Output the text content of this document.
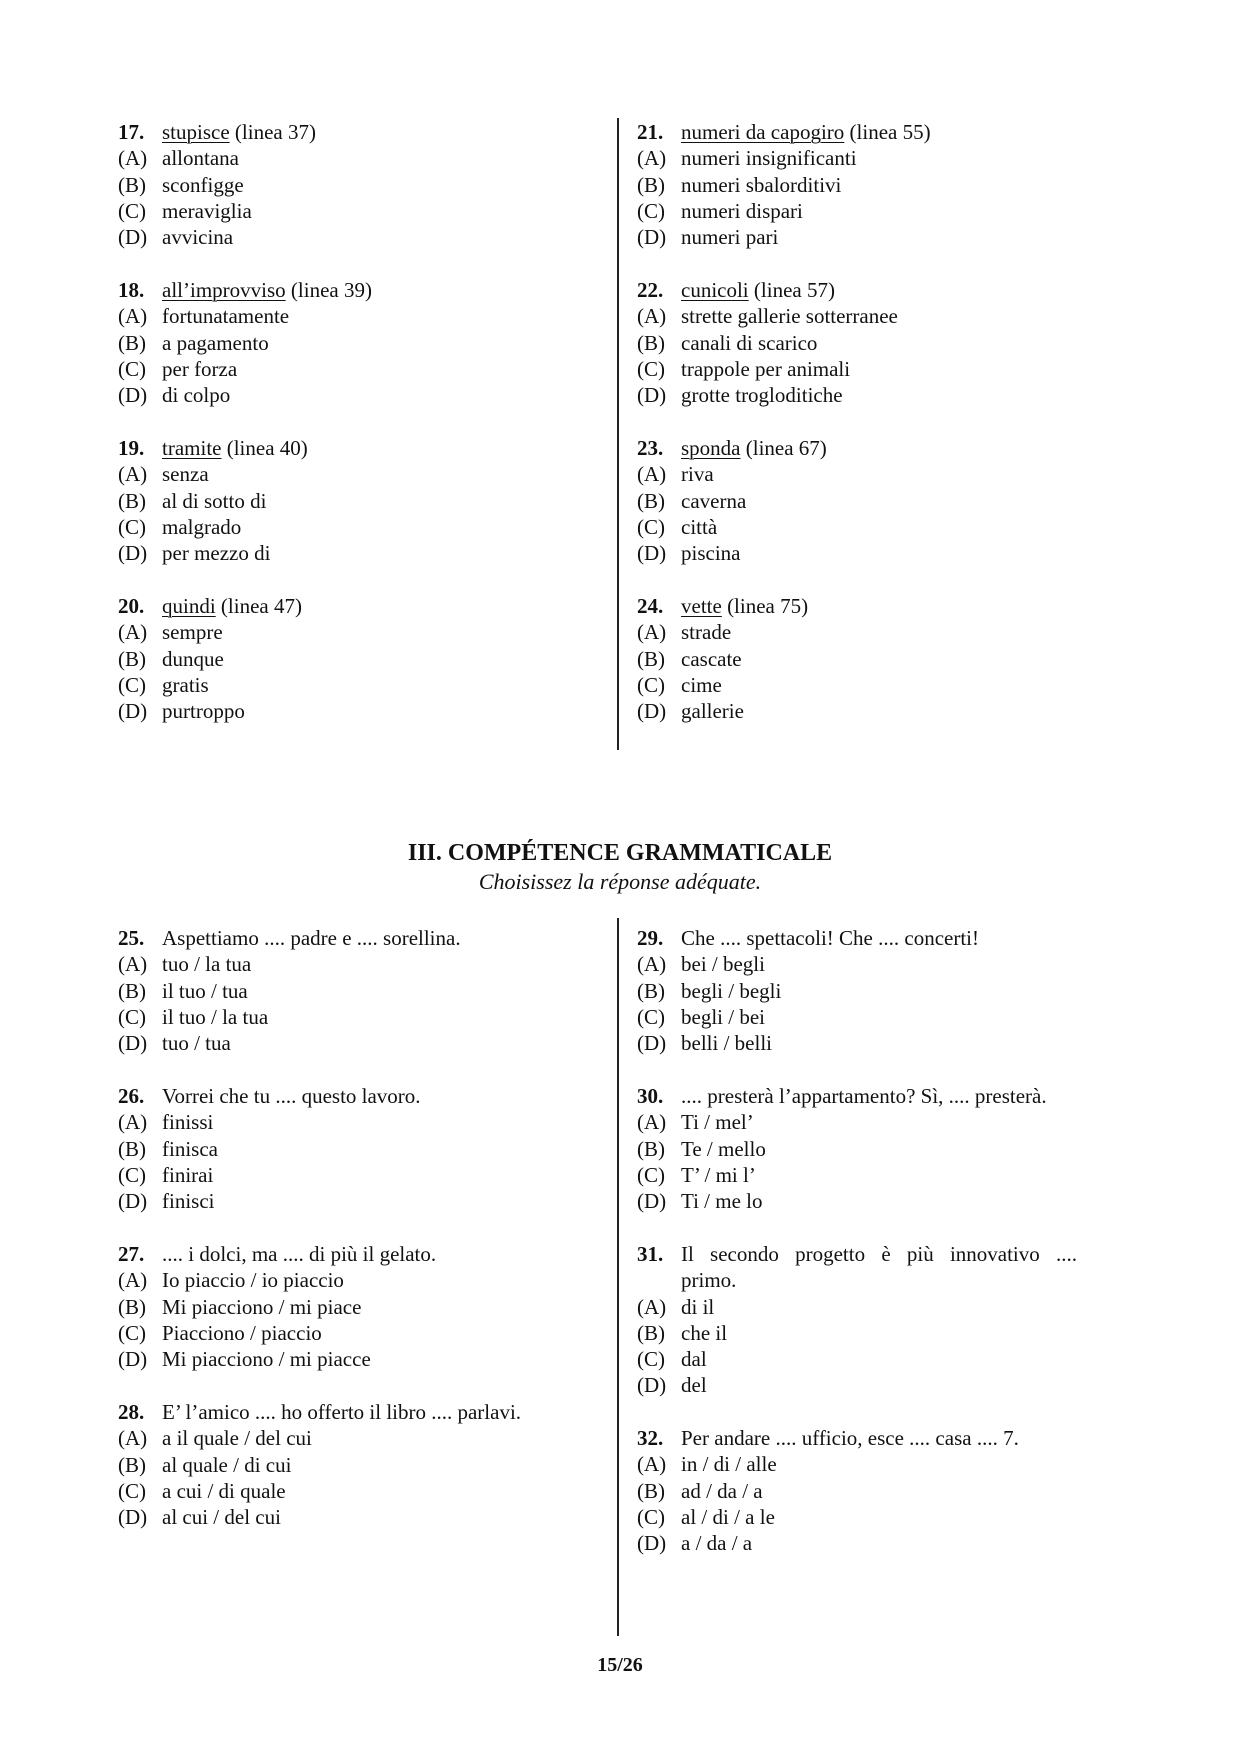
17. stupisce (linea 37)
(A) allontana
(B) sconfigge
(C) meraviglia
(D) avvicina
18. all’improvviso (linea 39)
(A) fortunatamente
(B) a pagamento
(C) per forza
(D) di colpo
19. tramite (linea 40)
(A) senza
(B) al di sotto di
(C) malgrado
(D) per mezzo di
20. quindi (linea 47)
(A) sempre
(B) dunque
(C) gratis
(D) purtroppo
21. numeri da capogiro (linea 55)
(A) numeri insignificanti
(B) numeri sbalorditivi
(C) numeri dispari
(D) numeri pari
22. cunicoli (linea 57)
(A) strette gallerie sotterranee
(B) canali di scarico
(C) trappole per animali
(D) grotte trogloditiche
23. sponda (linea 67)
(A) riva
(B) caverna
(C) città
(D) piscina
24. vette (linea 75)
(A) strade
(B) cascate
(C) cime
(D) gallerie
III. COMPÉTENCE GRAMMATICALE
Choisissez la réponse adéquate.
25. Aspettiamo .... padre e .... sorellina.
(A) tuo / la tua
(B) il tuo / tua
(C) il tuo / la tua
(D) tuo / tua
26. Vorrei che tu .... questo lavoro.
(A) finissi
(B) finisca
(C) finirai
(D) finisci
27. .... i dolci, ma .... di più il gelato.
(A) Io piaccio / io piaccio
(B) Mi piacciono / mi piace
(C) Piacciono / piaccio
(D) Mi piacciono / mi piacce
28. E’ l’amico .... ho offerto il libro .... parlavi.
(A) a il quale / del cui
(B) al quale / di cui
(C) a cui / di quale
(D) al cui / del cui
29. Che .... spettacoli! Che .... concerti!
(A) bei / begli
(B) begli / begli
(C) begli / bei
(D) belli / belli
30. .... presterà l’appartamento? Sì, .... presterà.
(A) Ti / mel’
(B) Te / mello
(C) T’ / mi l’
(D) Ti / me lo
31. Il secondo progetto è più innovativo ....
primo.
(A) di il
(B) che il
(C) dal
(D) del
32. Per andare .... ufficio, esce .... casa .... 7.
(A) in / di / alle
(B) ad / da / a
(C) al / di / a le
(D) a / da / a
15/26
